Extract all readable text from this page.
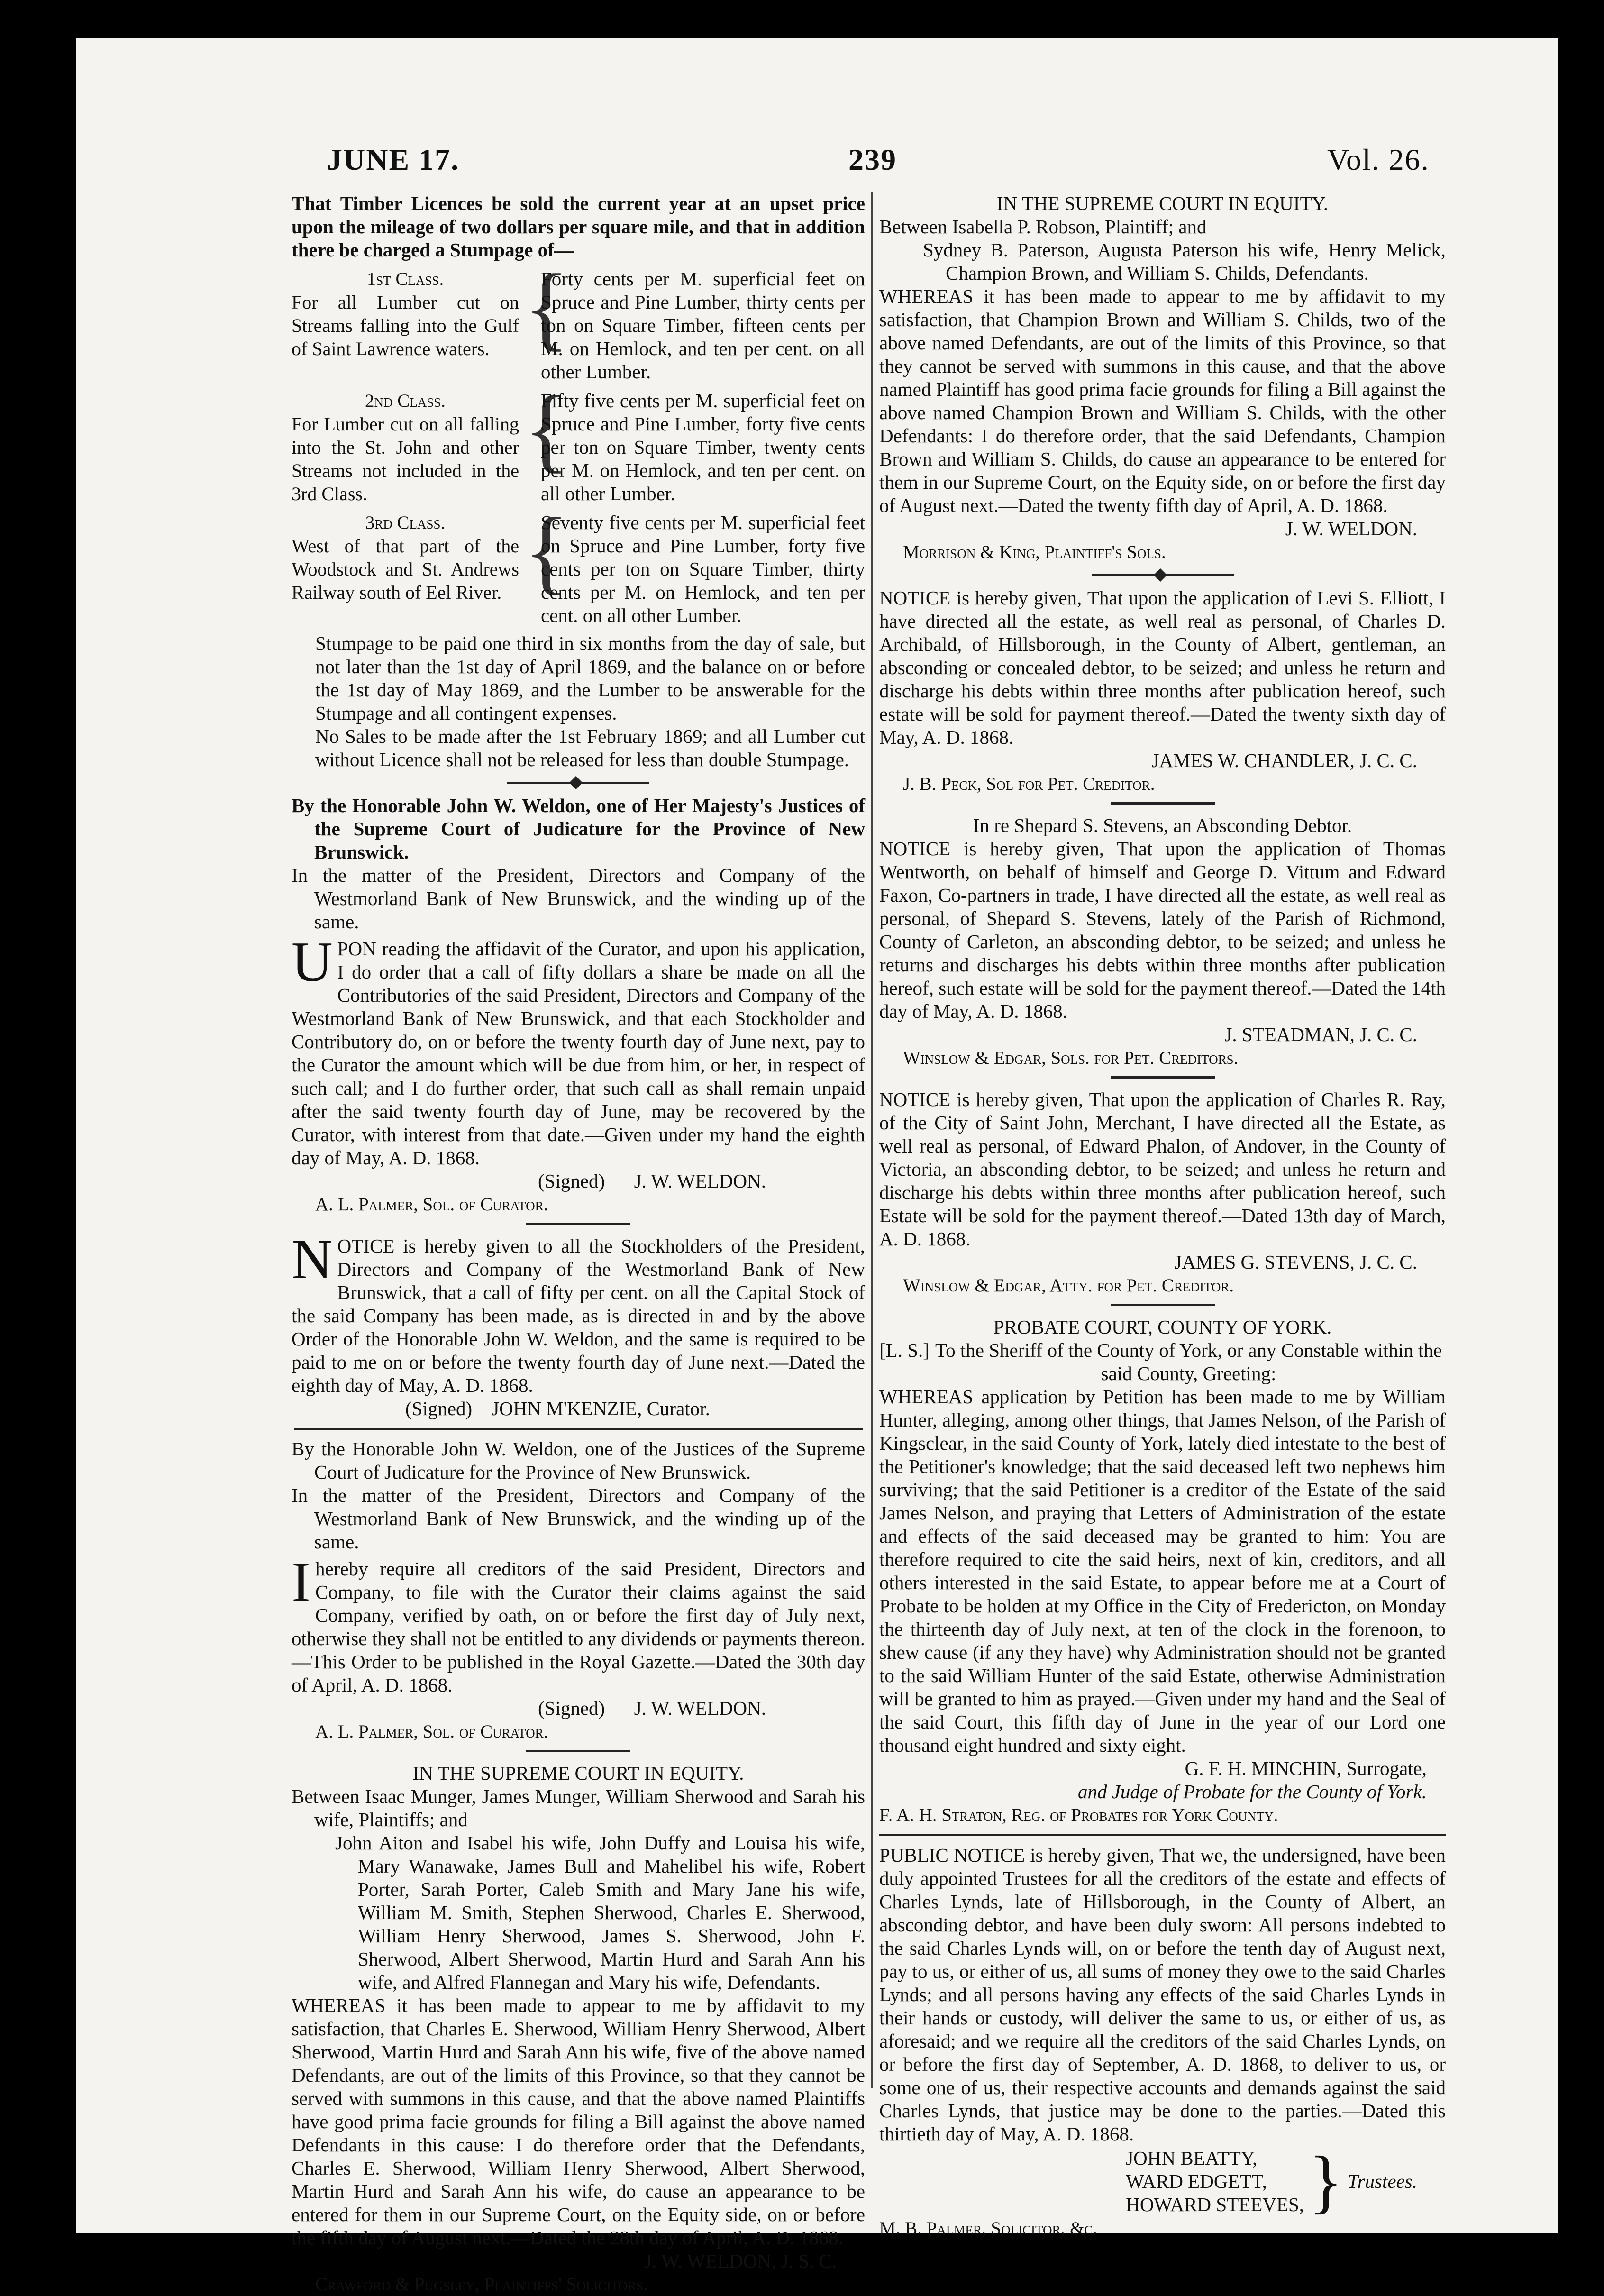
JUNE 17.	239	Vol. 26.

That Timber Licences be sold the current year at an upset price upon the mileage of two dollars per square mile, and that in addition there be charged a Stumpage of—

1st Class.
For all Lumber cut on Streams falling into the Gulf of Saint Lawrence waters. {
Forty cents per M. superficial feet on Spruce and Pine Lumber, thirty cents per ton on Square Timber, fifteen cents per M. on Hemlock, and ten per cent. on all other Lumber.
2nd Class.
For Lumber cut on all falling into the St. John and other Streams not included in the 3rd Class.
{
Fifty five cents per M. superficial feet on Spruce and Pine Lumber, forty five cents per ton on Square Timber, twenty cents per M. on Hemlock, and ten per cent. on all other Lumber.
3rd Class.
West of that part of the Woodstock and St. Andrews Railway south of Eel River. {
Seventy five cents per M. superficial feet on Spruce and Pine Lumber, forty five cents per ton on Square Timber, thirty cents per M. on Hemlock, and ten per cent. on all other Lumber.

Stumpage to be paid one third in six months from the day of sale, but not later than the 1st day of April 1869, and the balance on or before the 1st day of May 1869, and the Lumber to be answerable for the Stumpage and all contingent expenses.

No Sales to be made after the 1st February 1869; and all Lumber cut without Licence shall not be released for less than double Stumpage.

By the Honorable John W. Weldon, one of Her Majesty's Justices of the Supreme Court of Judicature for the Province of New Brunswick.

In the matter of the President, Directors and Company of the Westmorland Bank of New Brunswick, and the winding up of the same.

UPON reading the affidavit of the Curator, and upon his application, I do order that a call of fifty dollars a share be made on all the Contributories of the said President, Directors and Company of the Westmorland Bank of New Brunswick, and that each Stockholder and Contributory do, on or before the twenty fourth day of June next, pay to the Curator the amount which will be due from him, or her, in respect of such call; and I do further order, that such call as shall remain unpaid after the said twenty fourth day of June, may be recovered by the Curator, with interest from that date.—Given under my hand the eighth day of May, A. D. 1868.

(Signed) J. W. WELDON.

A. L. Palmer, Sol. of Curator.

NOTICE is hereby given to all the Stockholders of the President, Directors and Company of the Westmorland Bank of New Brunswick, that a call of fifty per cent. on all the Capital Stock of the said Company has been made, as is directed in and by the above Order of the Honorable John W. Weldon, and the same is required to be paid to me on or before the twenty fourth day of June next.—Dated the eighth day of May, A. D. 1868.

(Signed) JOHN M'KENZIE, Curator.

By the Honorable John W. Weldon, one of the Justices of the Supreme Court of Judicature for the Province of New Brunswick.

In the matter of the President, Directors and Company of the Westmorland Bank of New Brunswick, and the winding up of the same.

Ihereby require all creditors of the said President, Directors and Company, to file with the Curator their claims against the said Company, verified by oath, on or before the first day of July next, otherwise they shall not be entitled to any dividends or payments thereon.—This Order to be published in the Royal Gazette.—Dated the 30th day of April, A. D. 1868.

(Signed) J. W. WELDON.

A. L. Palmer, Sol. of Curator.

IN THE SUPREME COURT IN EQUITY.

Between Isaac Munger, James Munger, William Sherwood and Sarah his wife, Plaintiffs; and

John Aiton and Isabel his wife, John Duffy and Louisa his wife, Mary Wanawake, James Bull and Mahelibel his wife, Robert Porter, Sarah Porter, Caleb Smith and Mary Jane his wife, William M. Smith, Stephen Sherwood, Charles E. Sherwood, William Henry Sherwood, James S. Sherwood, John F. Sherwood, Albert Sherwood, Martin Hurd and Sarah Ann his wife, and Alfred Flannegan and Mary his wife, Defendants.

WHEREAS it has been made to appear to me by affidavit to my satisfaction, that Charles E. Sherwood, William Henry Sherwood, Albert Sherwood, Martin Hurd and Sarah Ann his wife, five of the above named Defendants, are out of the limits of this Province, so that they cannot be served with summons in this cause, and that the above named Plaintiffs have good prima facie grounds for filing a Bill against the above named Defendants in this cause: I do therefore order that the Defendants, Charles E. Sherwood, William Henry Sherwood, Albert Sherwood, Martin Hurd and Sarah Ann his wife, do cause an appearance to be entered for them in our Supreme Court, on the Equity side, on or before the fifth day of August next.—Dated the 28th day of April, A. D. 1868.

J. W. WELDON, J. S. C.

Crawford & Pugsley, Plaintiffs' Solicitors.

IN THE SUPREME COURT IN EQUITY.

Between Isabella P. Robson, Plaintiff; and

Sydney B. Paterson, Augusta Paterson his wife, Henry Melick, Champion Brown, and William S. Childs, Defendants.

WHEREAS it has been made to appear to me by affidavit to my satisfaction, that Champion Brown and William S. Childs, two of the above named Defendants, are out of the limits of this Province, so that they cannot be served with summons in this cause, and that the above named Plaintiff has good prima facie grounds for filing a Bill against the above named Champion Brown and William S. Childs, with the other Defendants: I do therefore order, that the said Defendants, Champion Brown and William S. Childs, do cause an appearance to be entered for them in our Supreme Court, on the Equity side, on or before the first day of August next.—Dated the twenty fifth day of April, A. D. 1868.

J. W. WELDON.

Morrison & King, Plaintiff's Sols.

NOTICE is hereby given, That upon the application of Levi S. Elliott, I have directed all the estate, as well real as personal, of Charles D. Archibald, of Hillsborough, in the County of Albert, gentleman, an absconding or concealed debtor, to be seized; and unless he return and discharge his debts within three months after publication hereof, such estate will be sold for payment thereof.—Dated the twenty sixth day of May, A. D. 1868.

JAMES W. CHANDLER, J. C. C.

J. B. Peck, Sol for Pet. Creditor.

In re Shepard S. Stevens, an Absconding Debtor.

NOTICE is hereby given, That upon the application of Thomas Wentworth, on behalf of himself and George D. Vittum and Edward Faxon, Co-partners in trade, I have directed all the estate, as well real as personal, of Shepard S. Stevens, lately of the Parish of Richmond, County of Carleton, an absconding debtor, to be seized; and unless he returns and discharges his debts within three months after publication hereof, such estate will be sold for the payment thereof.—Dated the 14th day of May, A. D. 1868.

J. STEADMAN, J. C. C.

Winslow & Edgar, Sols. for Pet. Creditors.

NOTICE is hereby given, That upon the application of Charles R. Ray, of the City of Saint John, Merchant, I have directed all the Estate, as well real as personal, of Edward Phalon, of Andover, in the County of Victoria, an absconding debtor, to be seized; and unless he return and discharge his debts within three months after publication hereof, such Estate will be sold for the payment thereof.—Dated 13th day of March, A. D. 1868.

JAMES G. STEVENS, J. C. C.

Winslow & Edgar, Atty. for Pet. Creditor.

PROBATE COURT, COUNTY OF YORK.

[L. S.] To the Sheriff of the County of York, or any Constable within the said County, Greeting:

WHEREAS application by Petition has been made to me by William Hunter, alleging, among other things, that James Nelson, of the Parish of Kingsclear, in the said County of York, lately died intestate to the best of the Petitioner's knowledge; that the said deceased left two nephews him surviving; that the said Petitioner is a creditor of the Estate of the said James Nelson, and praying that Letters of Administration of the estate and effects of the said deceased may be granted to him: You are therefore required to cite the said heirs, next of kin, creditors, and all others interested in the said Estate, to appear before me at a Court of Probate to be holden at my Office in the City of Fredericton, on Monday the thirteenth day of July next, at ten of the clock in the forenoon, to shew cause (if any they have) why Administration should not be granted to the said William Hunter of the said Estate, otherwise Administration will be granted to him as prayed.—Given under my hand and the Seal of the said Court, this fifth day of June in the year of our Lord one thousand eight hundred and sixty eight.

G. F. H. MINCHIN, Surrogate,

and Judge of Probate for the County of York.

F. A. H. Straton, Reg. of Probates for York County.

PUBLIC NOTICE is hereby given, That we, the undersigned, have been duly appointed Trustees for all the creditors of the estate and effects of Charles Lynds, late of Hillsborough, in the County of Albert, an absconding debtor, and have been duly sworn: All persons indebted to the said Charles Lynds will, on or before the tenth day of August next, pay to us, or either of us, all sums of money they owe to the said Charles Lynds; and all persons having any effects of the said Charles Lynds in their hands or custody, will deliver the same to us, or either of us, as aforesaid; and we require all the creditors of the said Charles Lynds, on or before the first day of September, A. D. 1868, to deliver to us, or some one of us, their respective accounts and demands against the said Charles Lynds, that justice may be done to the parties.—Dated this thirtieth day of May, A. D. 1868.

JOHN BEATTY,
WARD EDGETT,
HOWARD STEEVES, } Trustees.

M. B. Palmer, Solicitor, &c.
